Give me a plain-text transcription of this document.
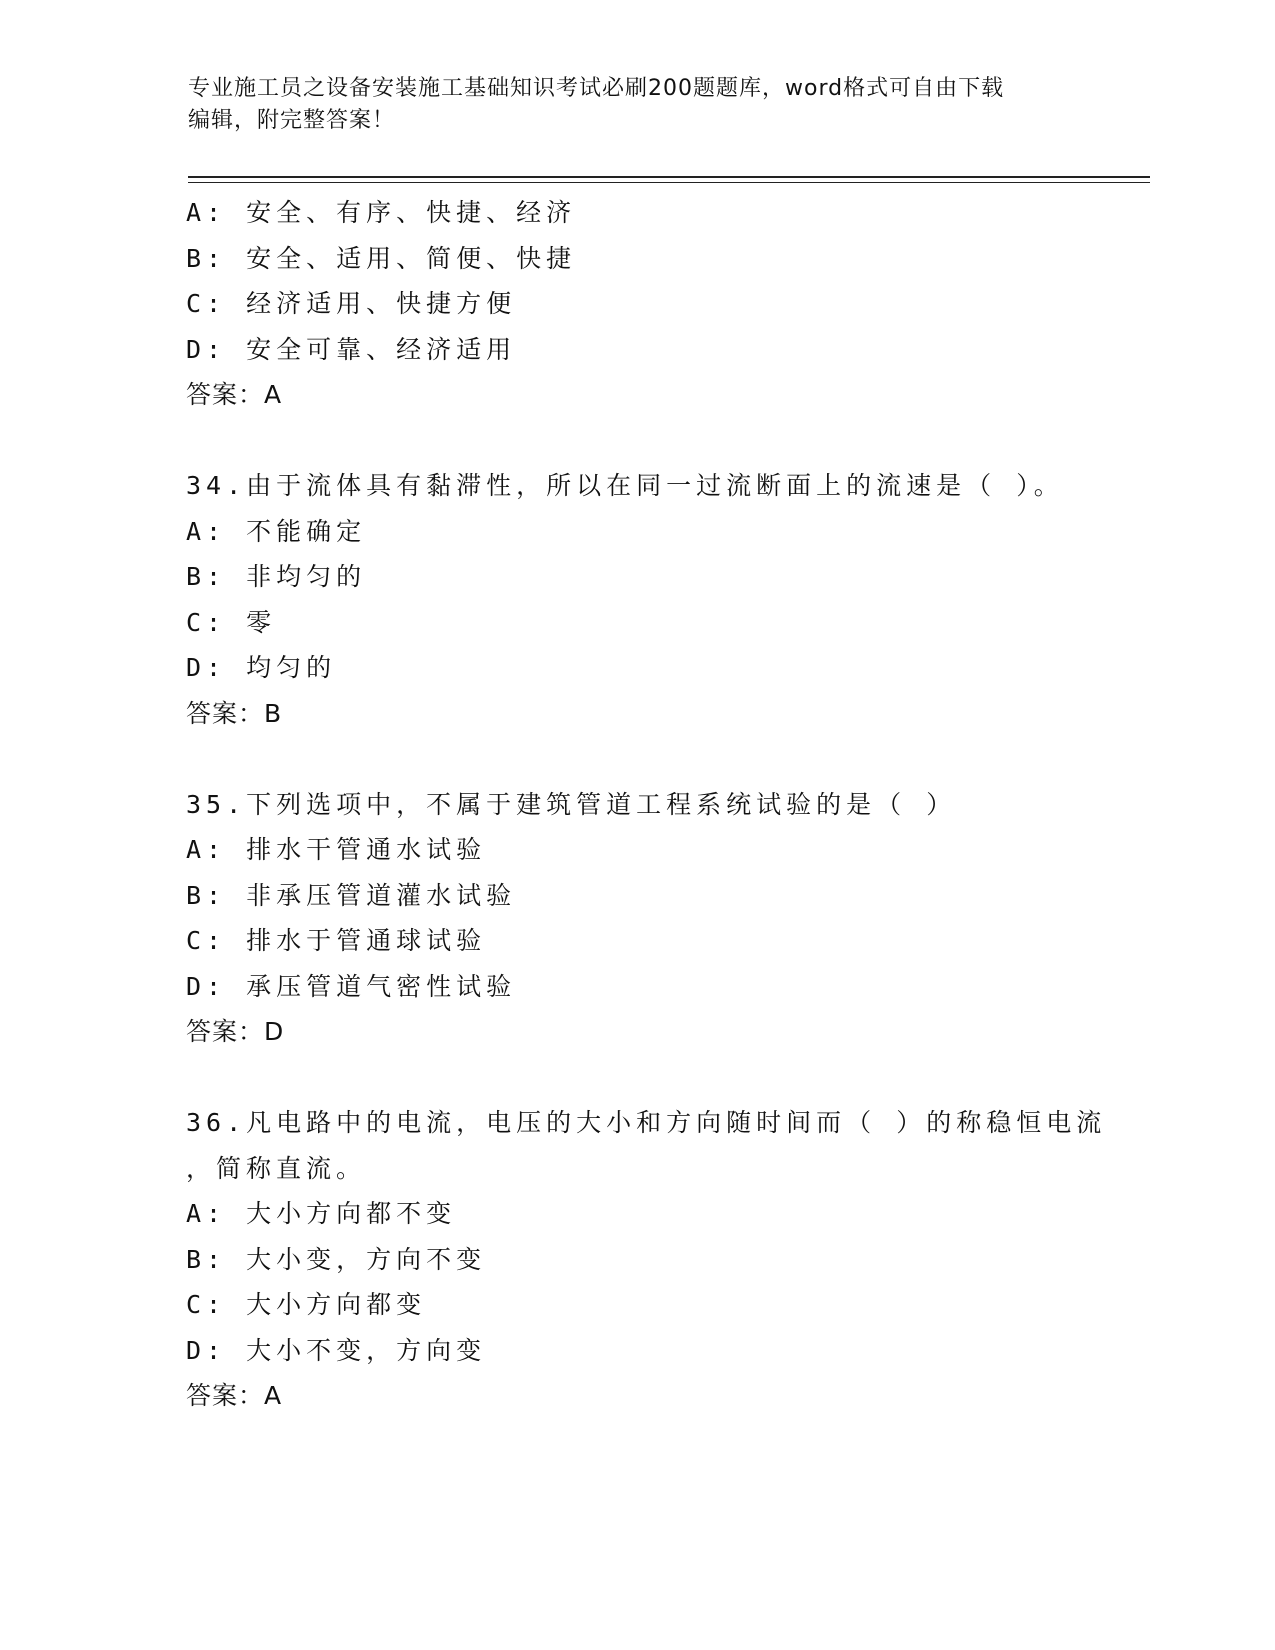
专业施工员之设备安装施工基础知识考试必刷200题题库，word格式可自由下载
编辑，附完整答案！
A: 安全、有序、快捷、经济
B: 安全、适用、简便、快捷
C: 经济适用、快捷方便
D: 安全可靠、经济适用
答案：A
34.由于流体具有黏滞性，所以在同一过流断面上的流速是（ ）。
A: 不能确定
B: 非均匀的
C: 零
D: 均匀的
答案：B
35.下列选项中，不属于建筑管道工程系统试验的是（ ）
A: 排水干管通水试验
B: 非承压管道灌水试验
C: 排水于管通球试验
D: 承压管道气密性试验
答案：D
36.凡电路中的电流，电压的大小和方向随时间而（ ）的称稳恒电流
，简称直流。
A: 大小方向都不变
B: 大小变，方向不变
C: 大小方向都变
D: 大小不变，方向变
答案：A
